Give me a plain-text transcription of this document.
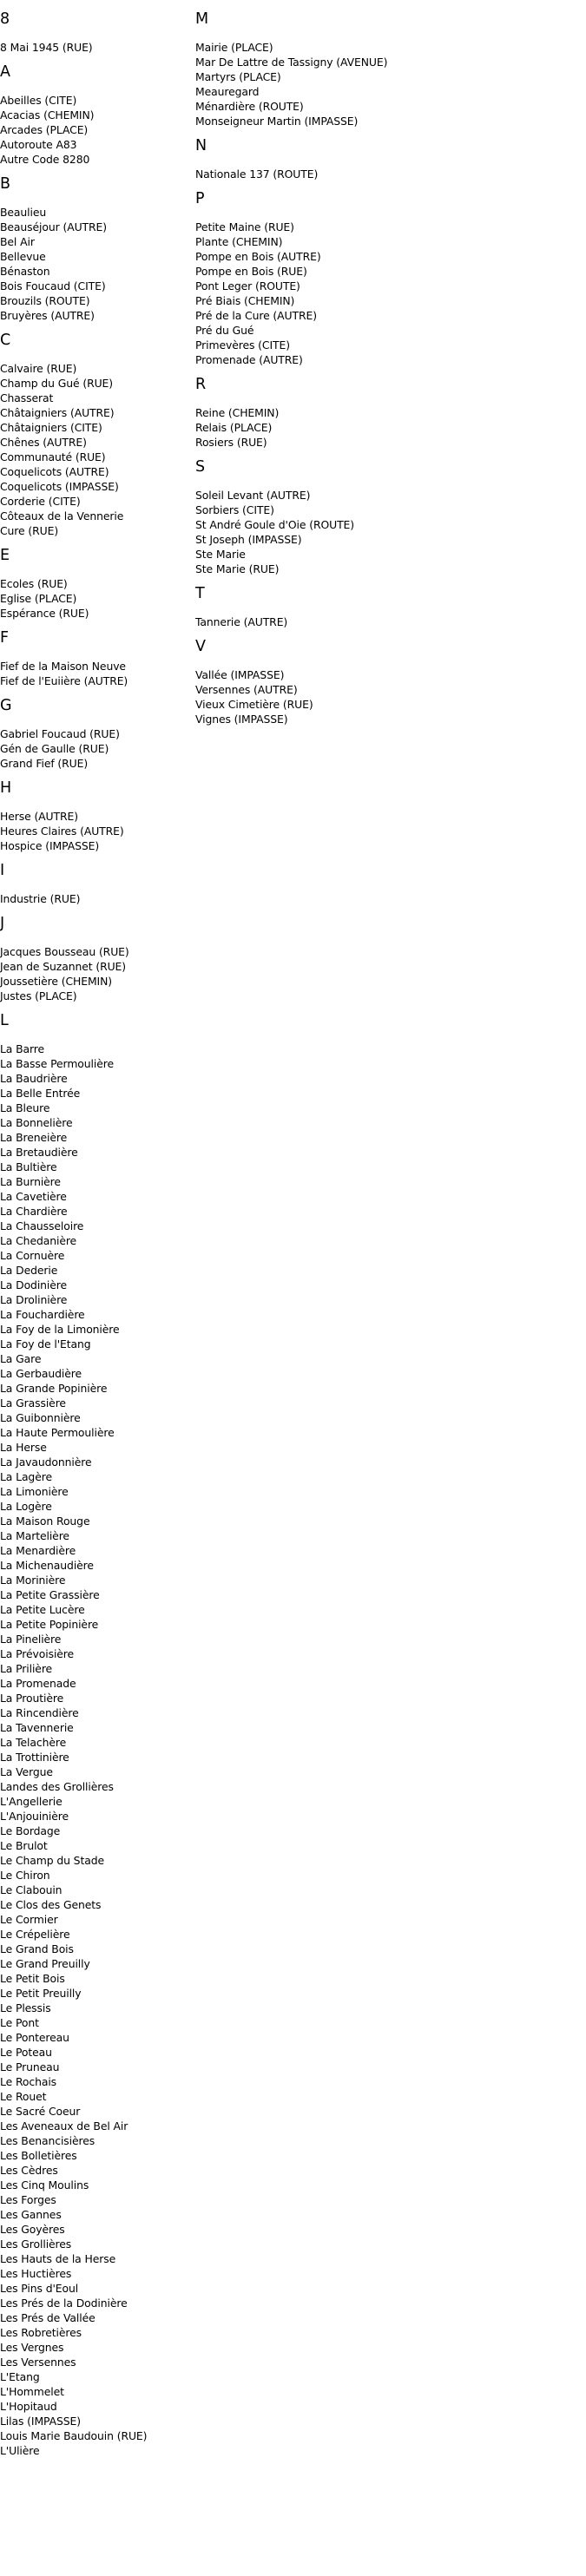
8
8 Mai 1945 (RUE)
A
Abeilles (CITE)
Acacias (CHEMIN)
Arcades (PLACE)
Autoroute A83
Autre Code 8280
B
Beaulieu
Beauséjour (AUTRE)
Bel Air
Bellevue
Bénaston
Bois Foucaud (CITE)
Brouzils (ROUTE)
Bruyères (AUTRE)
C
Calvaire (RUE)
Champ du Gué (RUE)
Chasserat
Châtaigniers (AUTRE)
Châtaigniers (CITE)
Chênes (AUTRE)
Communauté (RUE)
Coquelicots (AUTRE)
Coquelicots (IMPASSE)
Corderie (CITE)
Côteaux de la Vennerie
Cure (RUE)
E
Ecoles (RUE)
Eglise (PLACE)
Espérance (RUE)
F
Fief de la Maison Neuve
Fief de l'Euiière (AUTRE)
G
Gabriel Foucaud (RUE)
Gén de Gaulle (RUE)
Grand Fief (RUE)
H
Herse (AUTRE)
Heures Claires (AUTRE)
Hospice (IMPASSE)
I
Industrie (RUE)
J
Jacques Bousseau (RUE)
Jean de Suzannet (RUE)
Joussetière (CHEMIN)
Justes (PLACE)
L
La Barre
La Basse Permoulière
La Baudrière
La Belle Entrée
La Bleure
La Bonnelière
La Breneière
La Bretaudière
La Bultière
La Burnière
La Cavetière
La Chardière
La Chausseloire
La Chedanière
La Cornuère
La Dederie
La Dodinière
La Drolinière
La Fouchardière
La Foy de la Limonière
La Foy de l'Etang
La Gare
La Gerbaudière
La Grande Popinière
La Grassière
La Guibonnière
La Haute Permoulière
La Herse
La Javaudonnière
La Lagère
La Limonière
La Logère
La Maison Rouge
La Martelière
La Menardière
La Michenaudière
La Morinière
La Petite Grassière
La Petite Lucère
La Petite Popinière
La Pinelière
La Prévoisière
La Prilière
La Promenade
La Proutière
La Rincendière
La Tavennerie
La Telachère
La Trottinière
La Vergue
Landes des Grollières
L'Angellerie
L'Anjouinière
Le Bordage
Le Brulot
Le Champ du Stade
Le Chiron
Le Clabouin
Le Clos des Genets
Le Cormier
Le Crépelière
Le Grand Bois
Le Grand Preuilly
Le Petit Bois
Le Petit Preuilly
Le Plessis
Le Pont
Le Pontereau
Le Poteau
Le Pruneau
Le Rochais
Le Rouet
Le Sacré Coeur
Les Aveneaux de Bel Air
Les Benancisières
Les Bolletières
Les Cèdres
Les Cinq Moulins
Les Forges
Les Gannes
Les Goyères
Les Grollières
Les Hauts de la Herse
Les Huctières
Les Pins d'Eoul
Les Prés de la Dodinière
Les Prés de Vallée
Les Robretières
Les Vergnes
Les Versennes
L'Etang
L'Hommelet
L'Hopitaud
Lilas (IMPASSE)
Louis Marie Baudouin (RUE)
L'Ulière
M
Mairie (PLACE)
Mar De Lattre de Tassigny (AVENUE)
Martyrs (PLACE)
Meauregard
Ménardière (ROUTE)
Monseigneur Martin (IMPASSE)
N
Nationale 137 (ROUTE)
P
Petite Maine (RUE)
Plante (CHEMIN)
Pompe en Bois (AUTRE)
Pompe en Bois (RUE)
Pont Leger (ROUTE)
Pré Biais (CHEMIN)
Pré de la Cure (AUTRE)
Pré du Gué
Primevères (CITE)
Promenade (AUTRE)
R
Reine (CHEMIN)
Relais (PLACE)
Rosiers (RUE)
S
Soleil Levant (AUTRE)
Sorbiers (CITE)
St André Goule d'Oie (ROUTE)
St Joseph (IMPASSE)
Ste Marie
Ste Marie (RUE)
T
Tannerie (AUTRE)
V
Vallée (IMPASSE)
Versennes (AUTRE)
Vieux Cimetière (RUE)
Vignes (IMPASSE)
